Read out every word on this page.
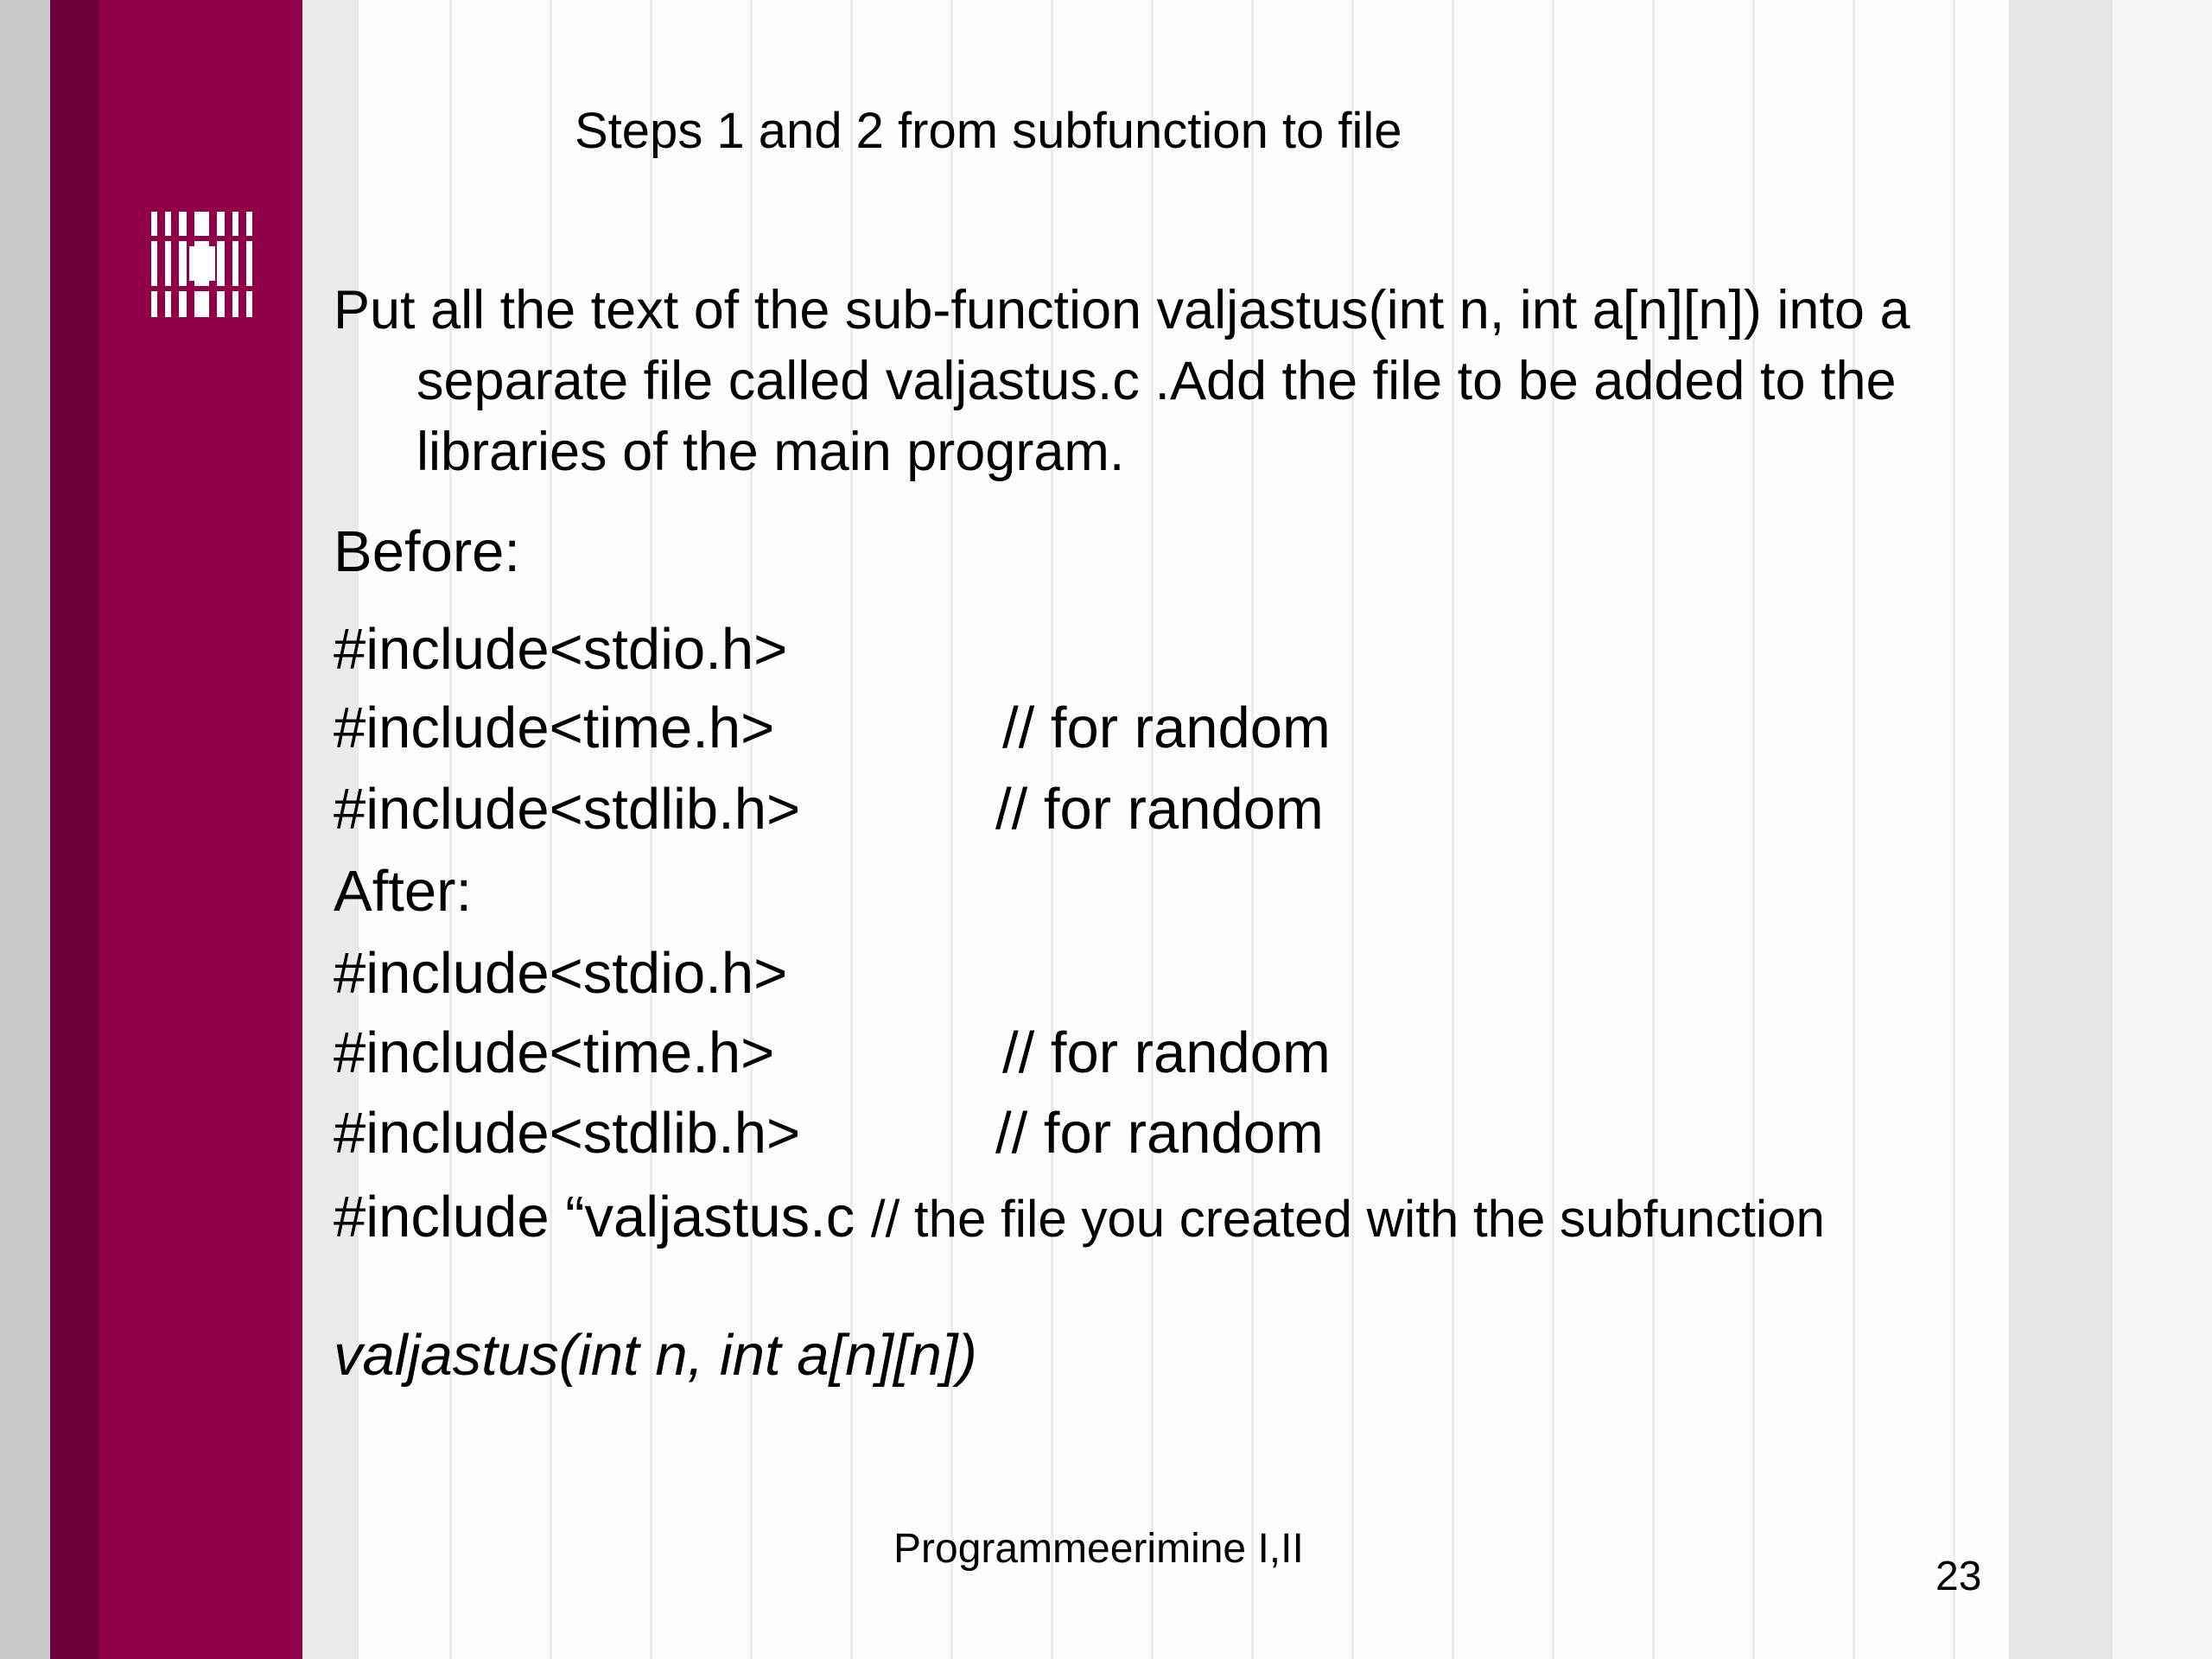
Steps 1 and 2 from subfunction to file
Put all the text of the sub-function valjastus(int n, int a[n][n]) into a separate file called valjastus.c .Add the file to be added to the libraries of the main program.
Before:
#include<stdio.h>
#include<time.h>	// for random
#include<stdlib.h>	// for random
After:
#include<stdio.h>
#include<time.h>	// for random
#include<stdlib.h>	// for random
#include “valjastus.c // the file you created with the subfunction
valjastus(int n, int a[n][n])
Programmeerimine I,II
23
